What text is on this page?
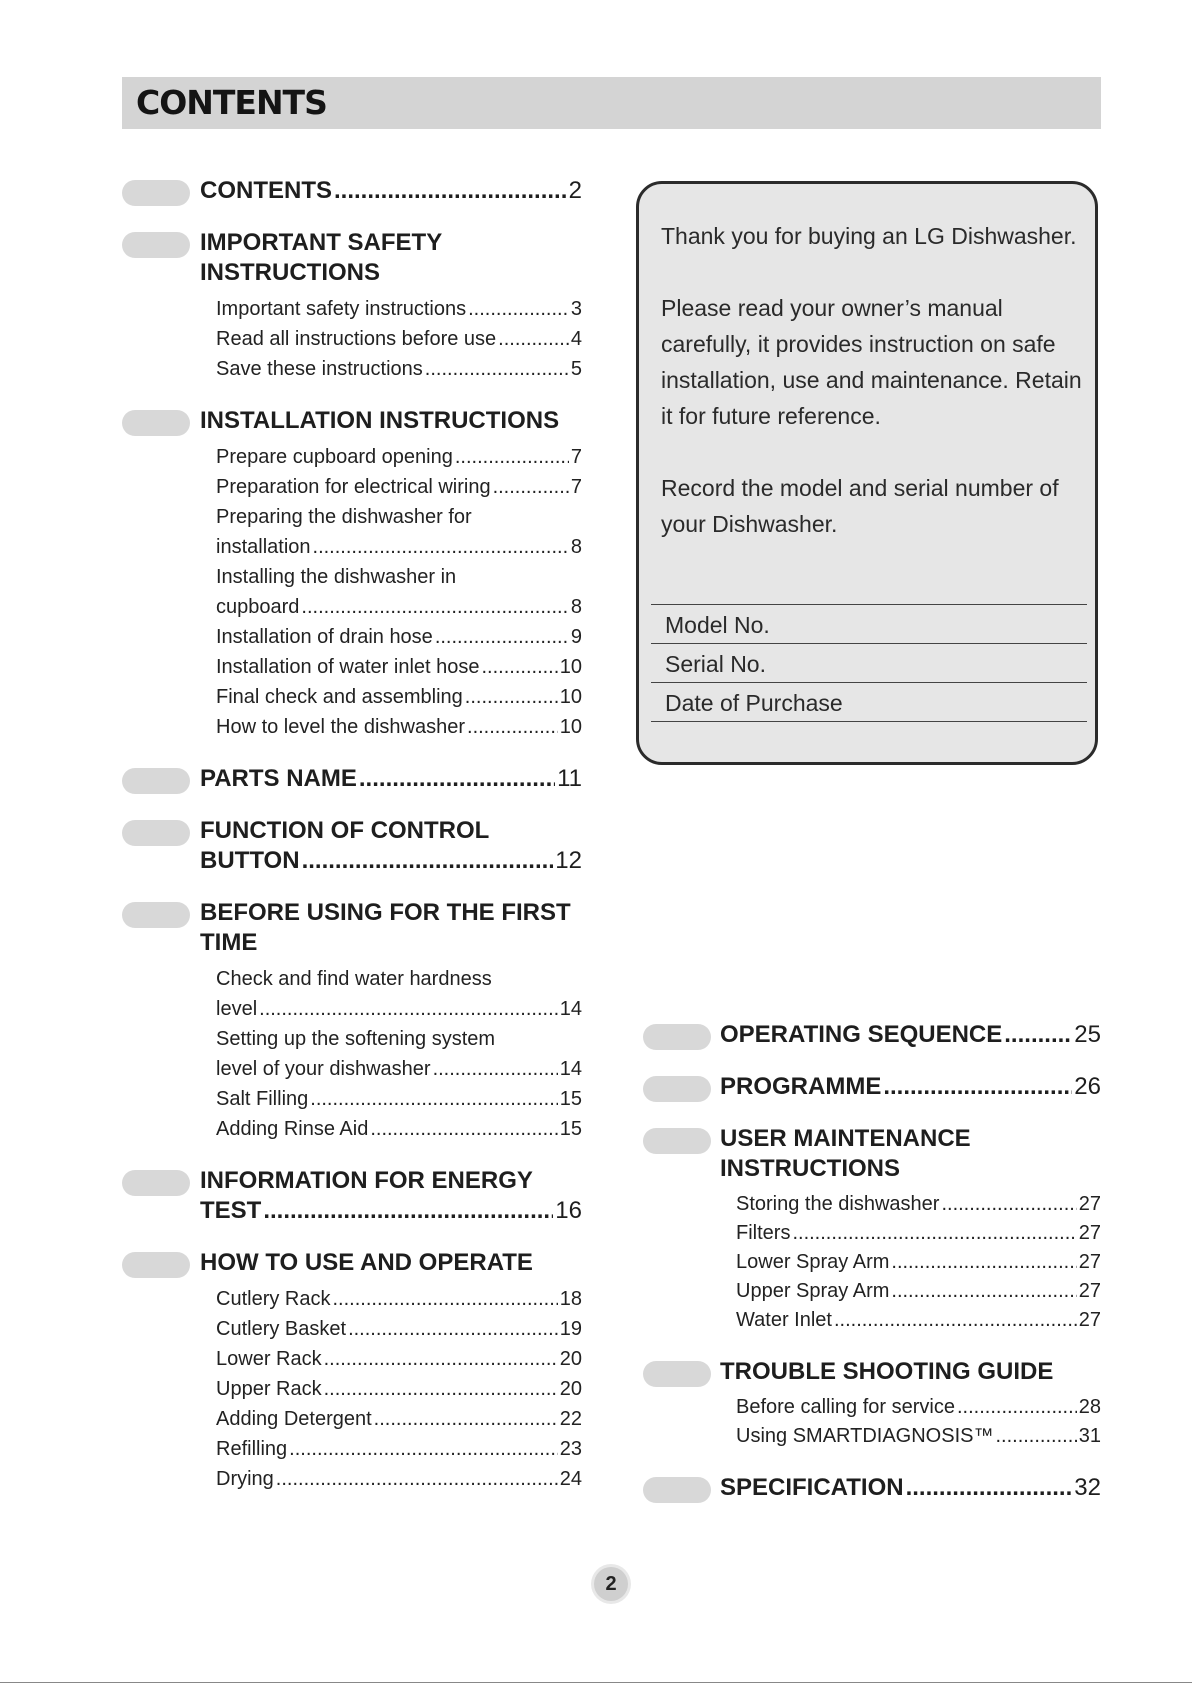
CONTENTS
CONTENTS .....	2
IMPORTANT SAFETY INSTRUCTIONS
Important safety instructions .....	3
Read all instructions before use .....	4
Save these instructions .....	5
INSTALLATION INSTRUCTIONS
Prepare cupboard opening .....	7
Preparation for electrical wiring .....	7
Preparing the dishwasher for
installation .....	8
Installing the dishwasher in
cupboard .....	8
Installation of drain hose .....	9
Installation of water inlet hose .....	10
Final check and assembling .....	10
How to level the dishwasher .....	10
PARTS NAME .....	11
FUNCTION OF CONTROL
BUTTON .....	12
BEFORE USING FOR THE FIRST TIME
Check and find water hardness
level .....	14
Setting up the softening system
level of your dishwasher .....	14
Salt Filling .....	15
Adding Rinse Aid .....	15
INFORMATION FOR ENERGY
TEST .....	16
HOW TO USE AND OPERATE
Cutlery Rack .....	18
Cutlery Basket .....	19
Lower Rack .....	20
Upper Rack .....	20
Adding Detergent .....	22
Refilling .....	23
Drying .....	24
OPERATING SEQUENCE .....	25
PROGRAMME .....	26
USER MAINTENANCE INSTRUCTIONS
Storing the dishwasher .....	27
Filters .....	27
Lower Spray Arm .....	27
Upper Spray Arm .....	27
Water Inlet .....	27
TROUBLE SHOOTING GUIDE
Before calling for service .....	28
Using SMARTDIAGNOSIS™ .....	31
SPECIFICATION .....	32

Thank you for buying an LG Dishwasher.

Please read your owner’s manual carefully, it provides instruction on safe installation, use and maintenance. Retain it for future reference.

Record the model and serial number of your Dishwasher.

Model No.
Serial No.
Date of Purchase
2
